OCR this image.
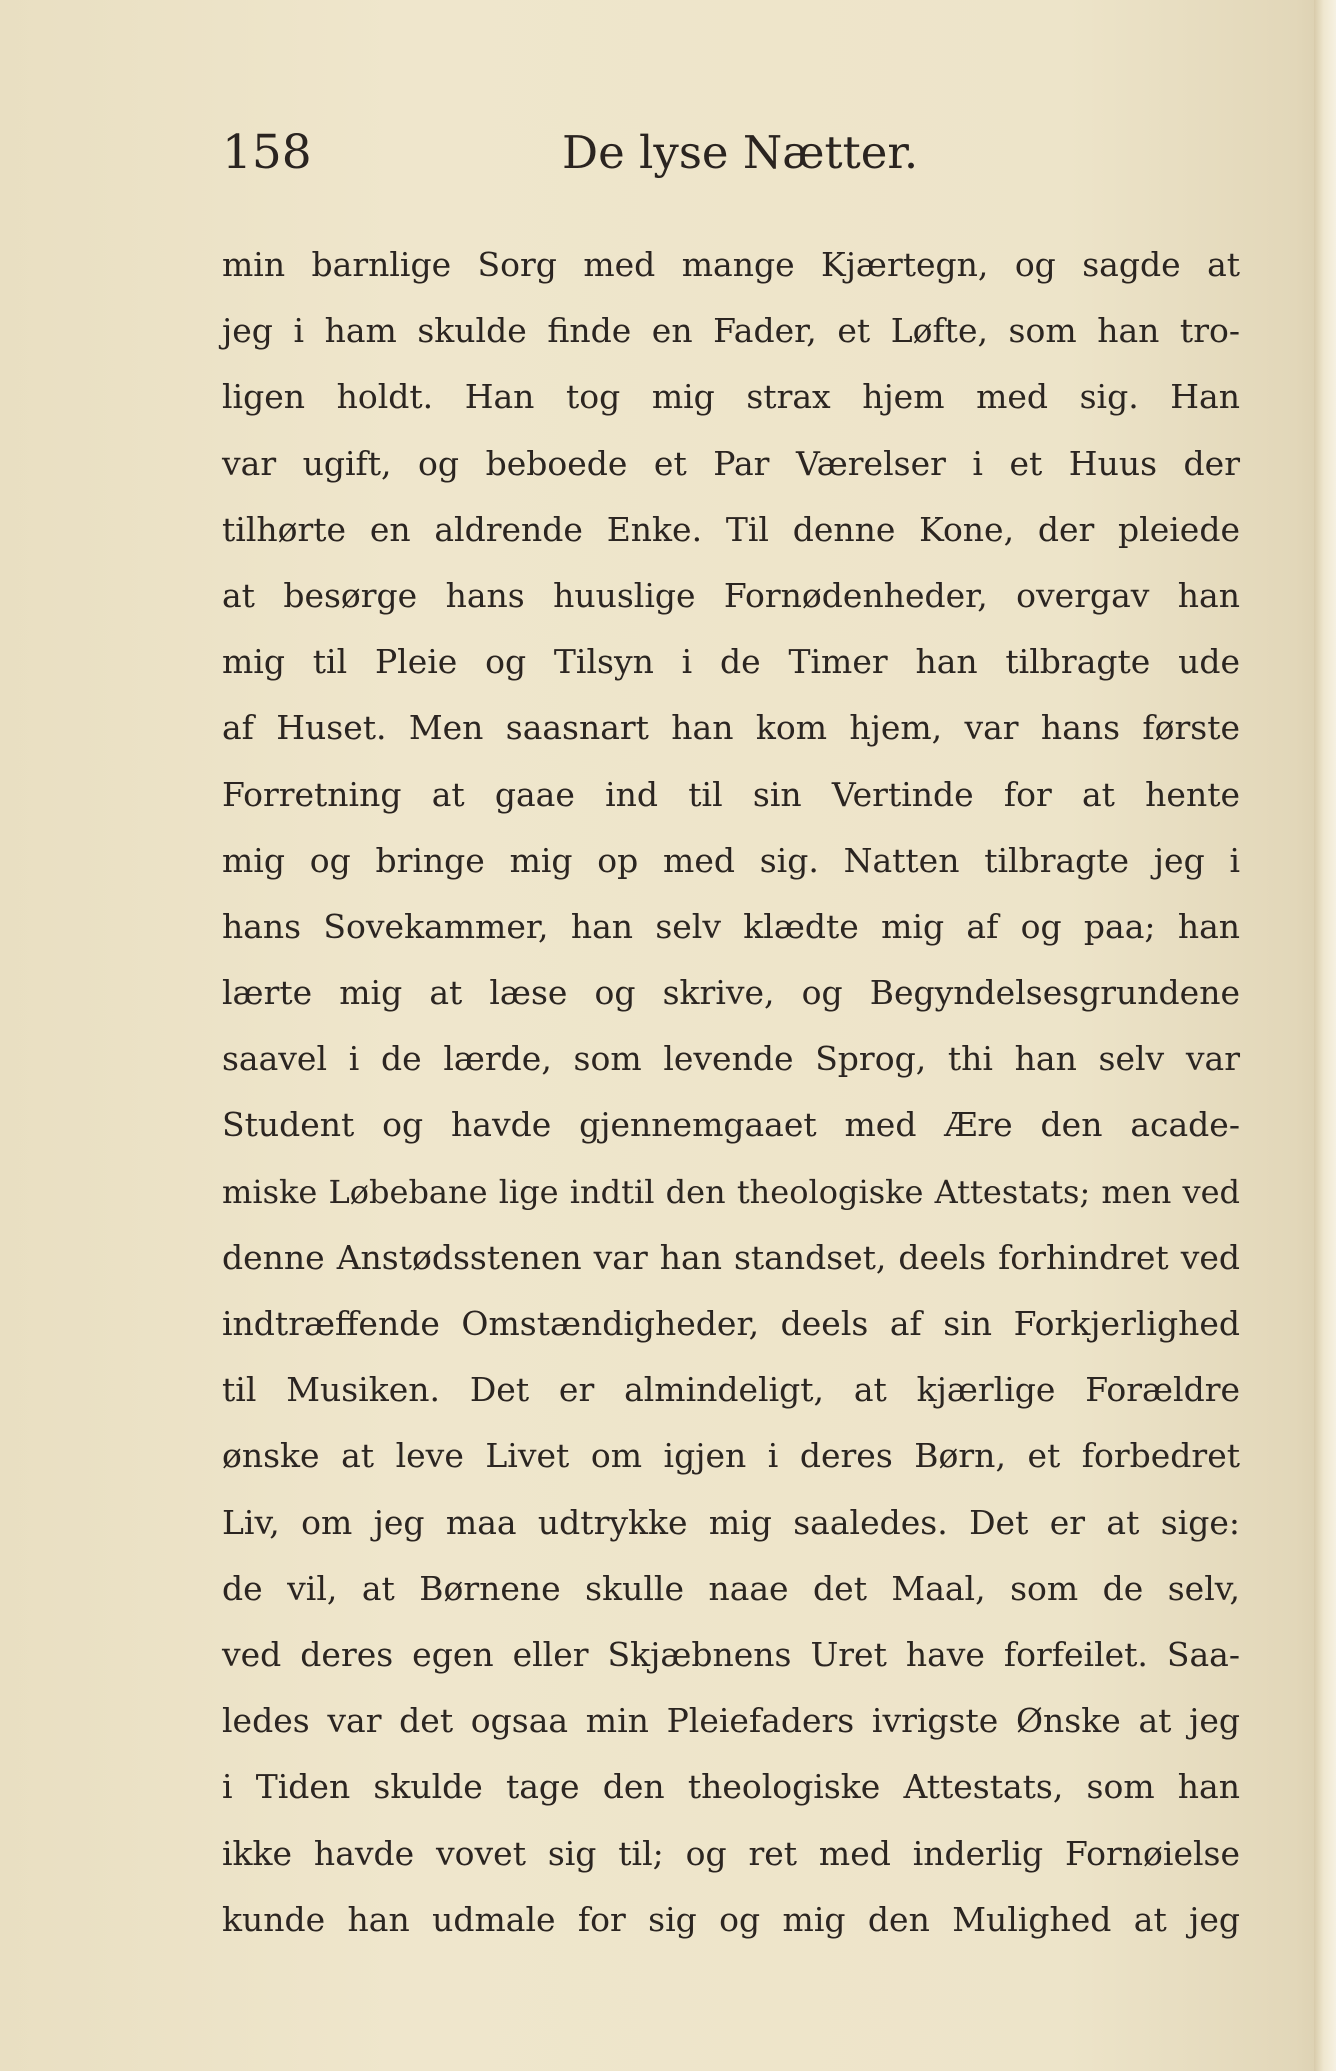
158	De lyse Nætter.
min barnlige Sorg med mange Kjærtegn, og sagde at
jeg i ham skulde finde en Fader, et Løfte, som han tro-
ligen holdt. Han tog mig strax hjem med sig. Han
var ugift, og beboede et Par Værelser i et Huus der
tilhørte en aldrende Enke. Til denne Kone, der pleiede
at besørge hans huuslige Fornødenheder, overgav han
mig til Pleie og Tilsyn i de Timer han tilbragte ude
af Huset. Men saasnart han kom hjem, var hans første
Forretning at gaae ind til sin Vertinde for at hente
mig og bringe mig op med sig. Natten tilbragte jeg i
hans Sovekammer, han selv klædte mig af og paa; han
lærte mig at læse og skrive, og Begyndelsesgrundene
saavel i de lærde, som levende Sprog, thi han selv var
Student og havde gjennemgaaet med Ære den acade-
miske Løbebane lige indtil den theologiske Attestats; men ved
denne Anstødsstenen var han standset, deels forhindret ved
indtræffende Omstændigheder, deels af sin Forkjerlighed
til Musiken. Det er almindeligt, at kjærlige Forældre
ønske at leve Livet om igjen i deres Børn, et forbedret
Liv, om jeg maa udtrykke mig saaledes. Det er at sige:
de vil, at Børnene skulle naae det Maal, som de selv,
ved deres egen eller Skjæbnens Uret have forfeilet. Saa-
ledes var det ogsaa min Pleiefaders ivrigste Ønske at jeg
i Tiden skulde tage den theologiske Attestats, som han
ikke havde vovet sig til; og ret med inderlig Fornøielse
kunde han udmale for sig og mig den Mulighed at jeg
